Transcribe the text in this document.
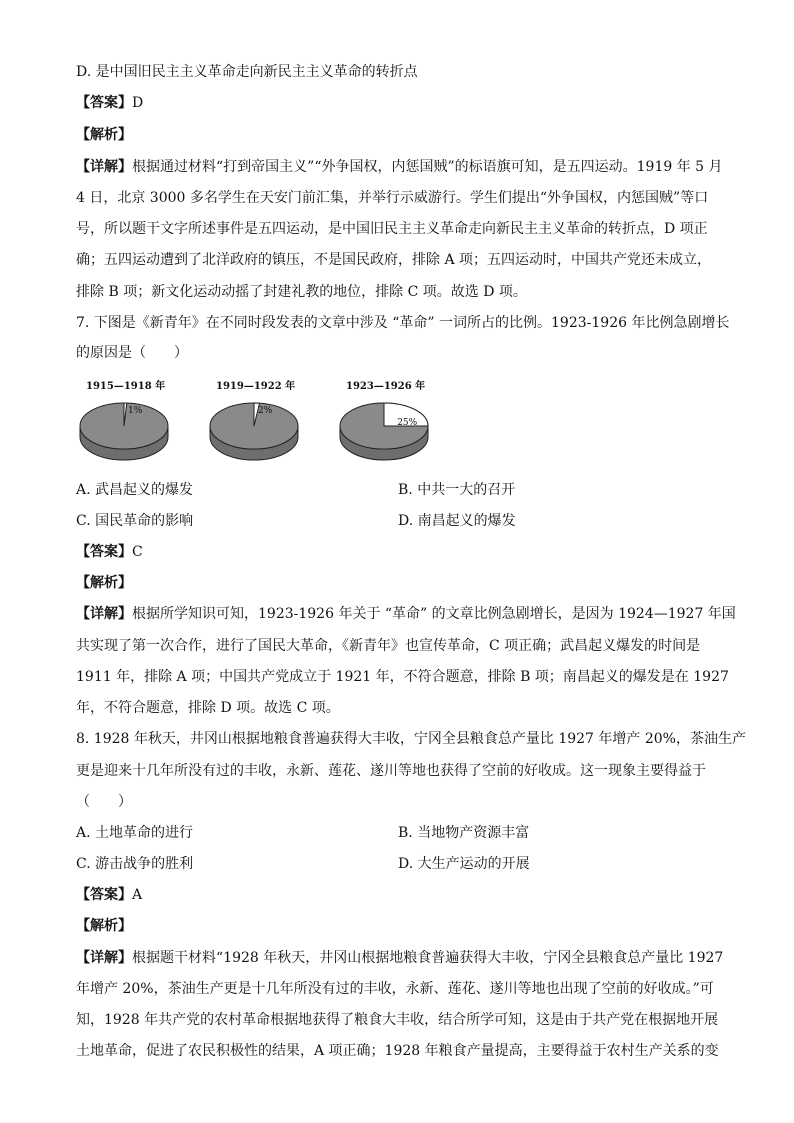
D. 是中国旧民主主义革命走向新民主主义革命的转折点
【答案】D
【解析】
【详解】根据通过材料“打到帝国主义”“外争国权，内惩国贼”的标语旗可知，是五四运动。1919 年 5 月
4 日，北京 3000 多名学生在天安门前汇集，并举行示威游行。学生们提出“外争国权，内惩国贼”等口
号，所以题干文字所述事件是五四运动，是中国旧民主主义革命走向新民主主义革命的转折点，D 项正
确；五四运动遭到了北洋政府的镇压，不是国民政府，排除 A 项；五四运动时，中国共产党还未成立，
排除 B 项；新文化运动动摇了封建礼教的地位，排除 C 项。故选 D 项。
7. 下图是《新青年》在不同时段发表的文章中涉及 “革命” 一词所占的比例。1923-1926 年比例急剧增长
的原因是（　　）
1915—1918 年
1%
1919—1922 年
2%
1923—1926 年
25%
A. 武昌起义的爆发	B. 中共一大的召开
C. 国民革命的影响	D. 南昌起义的爆发
【答案】C
【解析】
【详解】根据所学知识可知，1923-1926 年关于 “革命” 的文章比例急剧增长，是因为 1924—1927 年国
共实现了第一次合作，进行了国民大革命，《新青年》也宣传革命，C 项正确；武昌起义爆发的时间是
1911 年，排除 A 项；中国共产党成立于 1921 年，不符合题意，排除 B 项；南昌起义的爆发是在 1927
年，不符合题意，排除 D 项。故选 C 项。
8. 1928 年秋天，井冈山根据地粮食普遍获得大丰收，宁冈全县粮食总产量比 1927 年增产 20%，茶油生产
更是迎来十几年所没有过的丰收，永新、莲花、遂川等地也获得了空前的好收成。这一现象主要得益于
（　　）
A. 土地革命的进行	B. 当地物产资源丰富
C. 游击战争的胜利	D. 大生产运动的开展
【答案】A
【解析】
【详解】根据题干材料“1928 年秋天，井冈山根据地粮食普遍获得大丰收，宁冈全县粮食总产量比 1927
年增产 20%，茶油生产更是十几年所没有过的丰收，永新、莲花、遂川等地也出现了空前的好收成。”可
知，1928 年共产党的农村革命根据地获得了粮食大丰收，结合所学可知，这是由于共产党在根据地开展
土地革命，促进了农民积极性的结果，A 项正确；1928 年粮食产量提高，主要得益于农村生产关系的变
